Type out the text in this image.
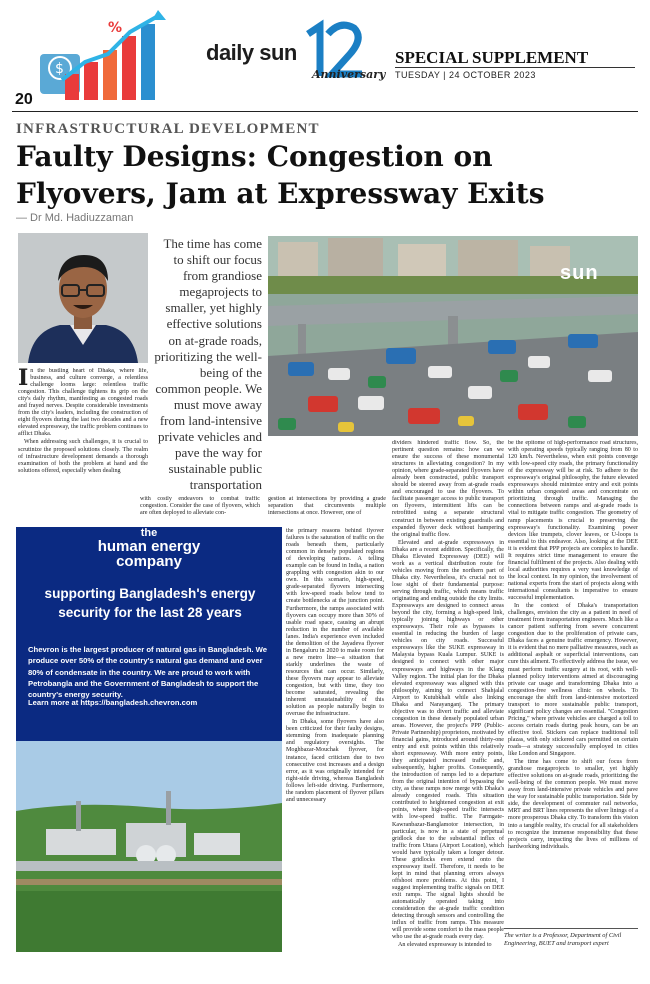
$
%
daily sun
Anniversary
SPECIAL SUPPLEMENT
TUESDAY | 24 OCTOBER 2023
20
INFRASTRUCTURAL DEVELOPMENT
Faulty Designs: Congestion on Flyovers, Jam at Expressway Exits
— Dr Md. Hadiuzzaman
The time has come to shift our focus from grandiose megaprojects to smaller, yet highly effective solutions on at-grade roads, prioritizing the well-being of the common people. We must move away from land-intensive private vehicles and pave the way for sustainable public transportation
sun

In the bustling heart of Dhaka, where life, business, and culture converge, a relentless challenge looms large: relentless traffic congestion. This challenge tightens its grip on the city's daily rhythm, manifesting as congested roads and frayed nerves. Despite considerable investments from the city's leaders, including the construction of eight flyovers during the last two decades and a new elevated expressway, the traffic problem continues to afflict Dhaka.

When addressing such challenges, it is crucial to scrutinize the proposed solutions closely. The realm of infrastructure development demands a thorough examination of both the problem at hand and the solutions offered, especially when dealing

with costly endeavors to combat traffic congestion. Consider the case of flyovers, which are often deployed to alleviate con-

gestion at intersections by providing a grade separation that circumvents multiple intersections at once. However, one of

the
human energy
company
supporting Bangladesh's energy security for the last 28 years
Chevron is the largest producer of natural gas in Bangladesh. We produce over 50% of the country's natural gas demand and over 80% of condensate in the country. We are proud to work with Petrobangla and the Government of Bangladesh to support the country's energy security.
Learn more at https://bangladesh.chevron.com

the primary reasons behind flyover failures is the saturation of traffic on the roads beneath them, particularly common in densely populated regions of developing nations. A telling example can be found in India, a nation grappling with congestion akin to our own. In this scenario, high-speed, grade-separated flyovers intersecting with low-speed roads below tend to create bottlenecks at the junction point. Furthermore, the ramps associated with flyovers can occupy more than 30% of usable road space, causing an abrupt reduction in the number of available lanes. India's experience even included the demolition of the Jayadeva flyover in Bengaluru in 2020 to make room for a new metro line—a situation that starkly underlines the waste of resources that can occur. Similarly, these flyovers may appear to alleviate congestion, but with time, they too become saturated, revealing the inherent unsustainability of this solution as people naturally begin to overuse the infrastructure.

In Dhaka, some flyovers have also been criticized for their faulty designs, stemming from inadequate planning and regulatory oversights. The Moghbazar-Mouchak flyover, for instance, faced criticism due to two consecutive cost increases and a design error, as it was originally intended for right-side driving, whereas Bangladesh follows left-side driving. Furthermore, the random placement of flyover pillars and unnecessary

dividers hindered traffic flow. So, the pertinent question remains: how can we ensure the success of these monumental structures in alleviating congestion? In my opinion, where grade-separated flyovers have already been constructed, public transport should be steered away from at-grade roads and encouraged to use the flyovers. To facilitate passenger access to public transport on flyovers, intermittent lifts can be retrofitted using a separate structural construct in between existing guardrails and expanded flyover deck without hampering the original traffic flow.

Elevated and at-grade expressways in Dhaka are a recent addition. Specifically, the Dhaka Elevated Expressway (DEE) will work as a vertical distribution route for vehicles moving from the northern part of Dhaka city. Nevertheless, it's crucial not to lose sight of their fundamental purpose: serving through traffic, which means traffic originating and ending outside the city limits. Expressways are designed to connect areas beyond the city, forming a high-speed link, typically joining highways or other expressways. Their role as bypasses is essential in reducing the burden of large vehicles on city roads. Successful expressways like the SUKE expressway in Malaysia bypass Kuala Lumpur. SUKE is designed to connect with other major expressways and highways in the Klang Valley region. The initial plan for the Dhaka elevated expressway was aligned with this philosophy, aiming to connect Shahjalal Airport to Kutubkhali while also linking Dhaka and Narayanganj. The primary objective was to divert traffic and alleviate congestion in these densely populated urban areas. However, the project's PPP (Public-Private Partnership) proprietors, motivated by financial gains, introduced around thirty-one entry and exit points within this relatively short expressway. With more entry points, they anticipated increased traffic and, subsequently, higher profits. Consequently, the introduction of ramps led to a departure from the original intention of bypassing the city, as these ramps now merge with Dhaka's already congested roads. This situation contributed to heightened congestion at exit points, where high-speed traffic intersects with low-speed traffic. The Farmgate-Kawranbazar-Banglamotor intersection, in particular, is now in a state of perpetual gridlock due to the substantial influx of traffic from Uttara (Airport Location), which would have typically taken a longer detour. These gridlocks even extend onto the expressway itself. Therefore, it needs to be kept in mind that planning errors always offshoot more problems. At this point, I suggest implementing traffic signals on DEE exit ramps. The signal lights should be automatically operated taking into consideration the at-grade traffic condition detecting through sensors and controlling the influx of traffic from ramps. This measure will provide some comfort to the mass people who use the at-grade roads every day.

An elevated expressway is intended to

be the epitome of high-performance road structures, with operating speeds typically ranging from 80 to 120 km/h. Nevertheless, when exit points converge with low-speed city roads, the primary functionality of the expressway will be at risk. To adhere to the expressway's original philosophy, the future elevated expressways should minimize entry and exit points within urban congested areas and concentrate on prioritizing through traffic. Managing the connections between ramps and at-grade roads is vital to mitigate traffic congestion. The geometry of ramp placements is crucial to preserving the expressway's functionality. Examining power devices like trumpets, clover leaves, or U-loops is essential to this endeavor. Also, looking at the DEE it is evident that PPP projects are complex to handle. It requires strict time management to ensure the financial fulfilment of the projects. Also dealing with local authorities requires a very vast knowledge of the local context. In my opinion, the involvement of national experts from the start of projects along with international consultants is imperative to ensure successful implementation.

In the context of Dhaka's transportation challenges, envision the city as a patient in need of treatment from transportation engineers. Much like a cancer patient suffering from severe concurrent congestion due to the proliferation of private cars, Dhaka faces a genuine traffic emergency. However, it is evident that no mere palliative measures, such as additional asphalt or superficial interventions, can cure this ailment. To effectively address the issue, we must perform traffic surgery at its root, with well-planned policy interventions aimed at discouraging private car usage and transforming Dhaka into a congestion-free wellness clinic on wheels. To encourage the shift from land-intensive motorized transport to more sustainable public transport, significant policy changes are essential. "Congestion Pricing," where private vehicles are charged a toll to access certain roads during peak hours, can be an effective tool. Stickers can replace traditional toll plazas, with only stickered cars permitted on certain roads—a strategy successfully employed in cities like London and Singapore.

The time has come to shift our focus from grandiose megaprojects to smaller, yet highly effective solutions on at-grade roads, prioritizing the well-being of the common people. We must move away from land-intensive private vehicles and pave the way for sustainable public transportation. Side by side, the development of commuter rail networks, MRT and BRT lines represents the silver linings of a more prosperous Dhaka city. To transform this vision into a tangible reality, it's crucial for all stakeholders to recognize the immense responsibility that these projects carry, impacting the lives of millions of hardworking individuals.

The writer is a Professor, Department of Civil Engineering, BUET and transport expert
